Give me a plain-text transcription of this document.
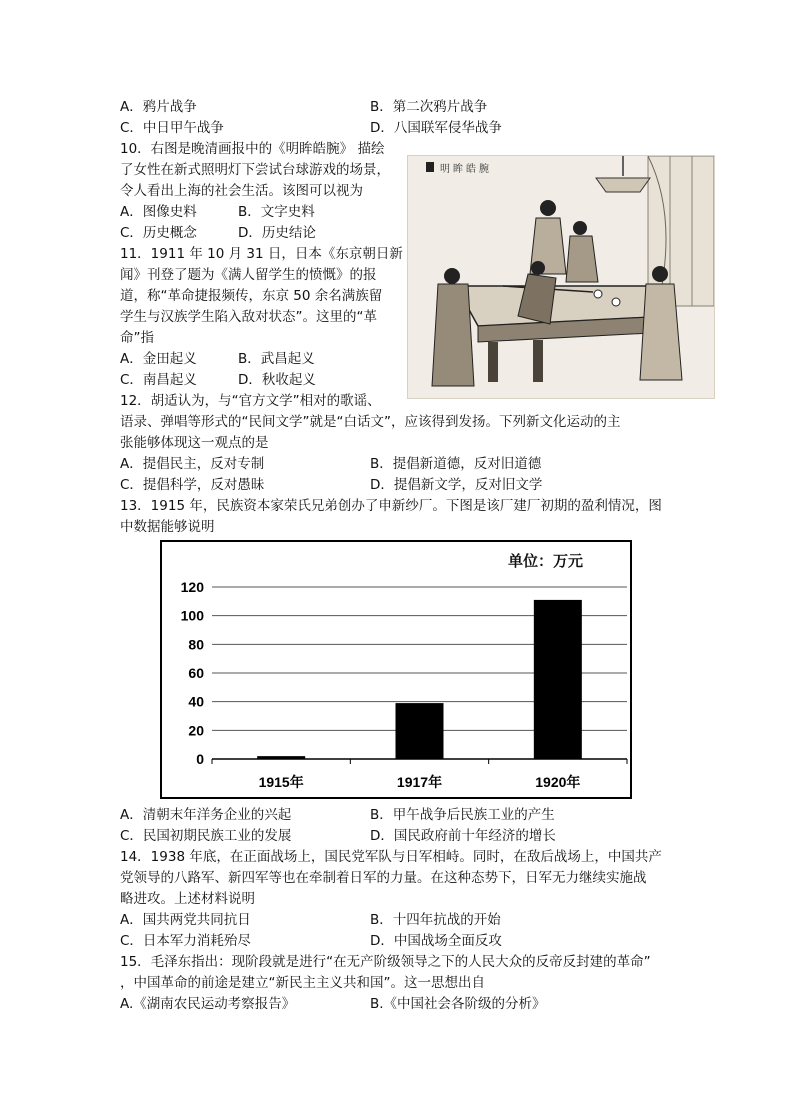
A．鸦片战争	B．第二次鸦片战争
C．中日甲午战争	D．八国联军侵华战争
10．右图是晚清画报中的《明眸皓腕》 描绘
了女性在新式照明灯下尝试台球游戏的场景，
令人看出上海的社会生活。该图可以视为
A．图像史料	B．文字史料
C．历史概念	D．历史结论
11．1911 年 10 月 31 日，日本《东京朝日新
闻》刊登了题为《满人留学生的愤慨》的报
道，称“革命捷报频传，东京 50 余名满族留
学生与汉族学生陷入敌对状态”。这里的“革
命”指
A．金田起义	B．武昌起义
C．南昌起义	D．秋收起义
明眸皓腕
12．胡适认为，与“官方文学”相对的歌谣、
语录、弹唱等形式的“民间文学”就是“白话文”，应该得到发扬。下列新文化运动的主
张能够体现这一观点的是
A．提倡民主，反对专制	B．提倡新道德，反对旧道德
C．提倡科学，反对愚昧	D．提倡新文学，反对旧文学
13．1915 年，民族资本家荣氏兄弟创办了申新纱厂。下图是该厂建厂初期的盈利情况，图
中数据能够说明
单位：万元
0
20
40
60
80
100
120
1915年	1917年	1920年
A．清朝末年洋务企业的兴起	B．甲午战争后民族工业的产生
C．民国初期民族工业的发展	D．国民政府前十年经济的增长
14．1938 年底，在正面战场上，国民党军队与日军相峙。同时，在敌后战场上，中国共产
党领导的八路军、新四军等也在牵制着日军的力量。在这种态势下，日军无力继续实施战
略进攻。上述材料说明
A．国共两党共同抗日	B．十四年抗战的开始
C．日本军力消耗殆尽	D．中国战场全面反攻
15．毛泽东指出：现阶段就是进行“在无产阶级领导之下的人民大众的反帝反封建的革命”
，中国革命的前途是建立“新民主主义共和国”。这一思想出自
A.《湖南农民运动考察报告》	B.《中国社会各阶级的分析》
